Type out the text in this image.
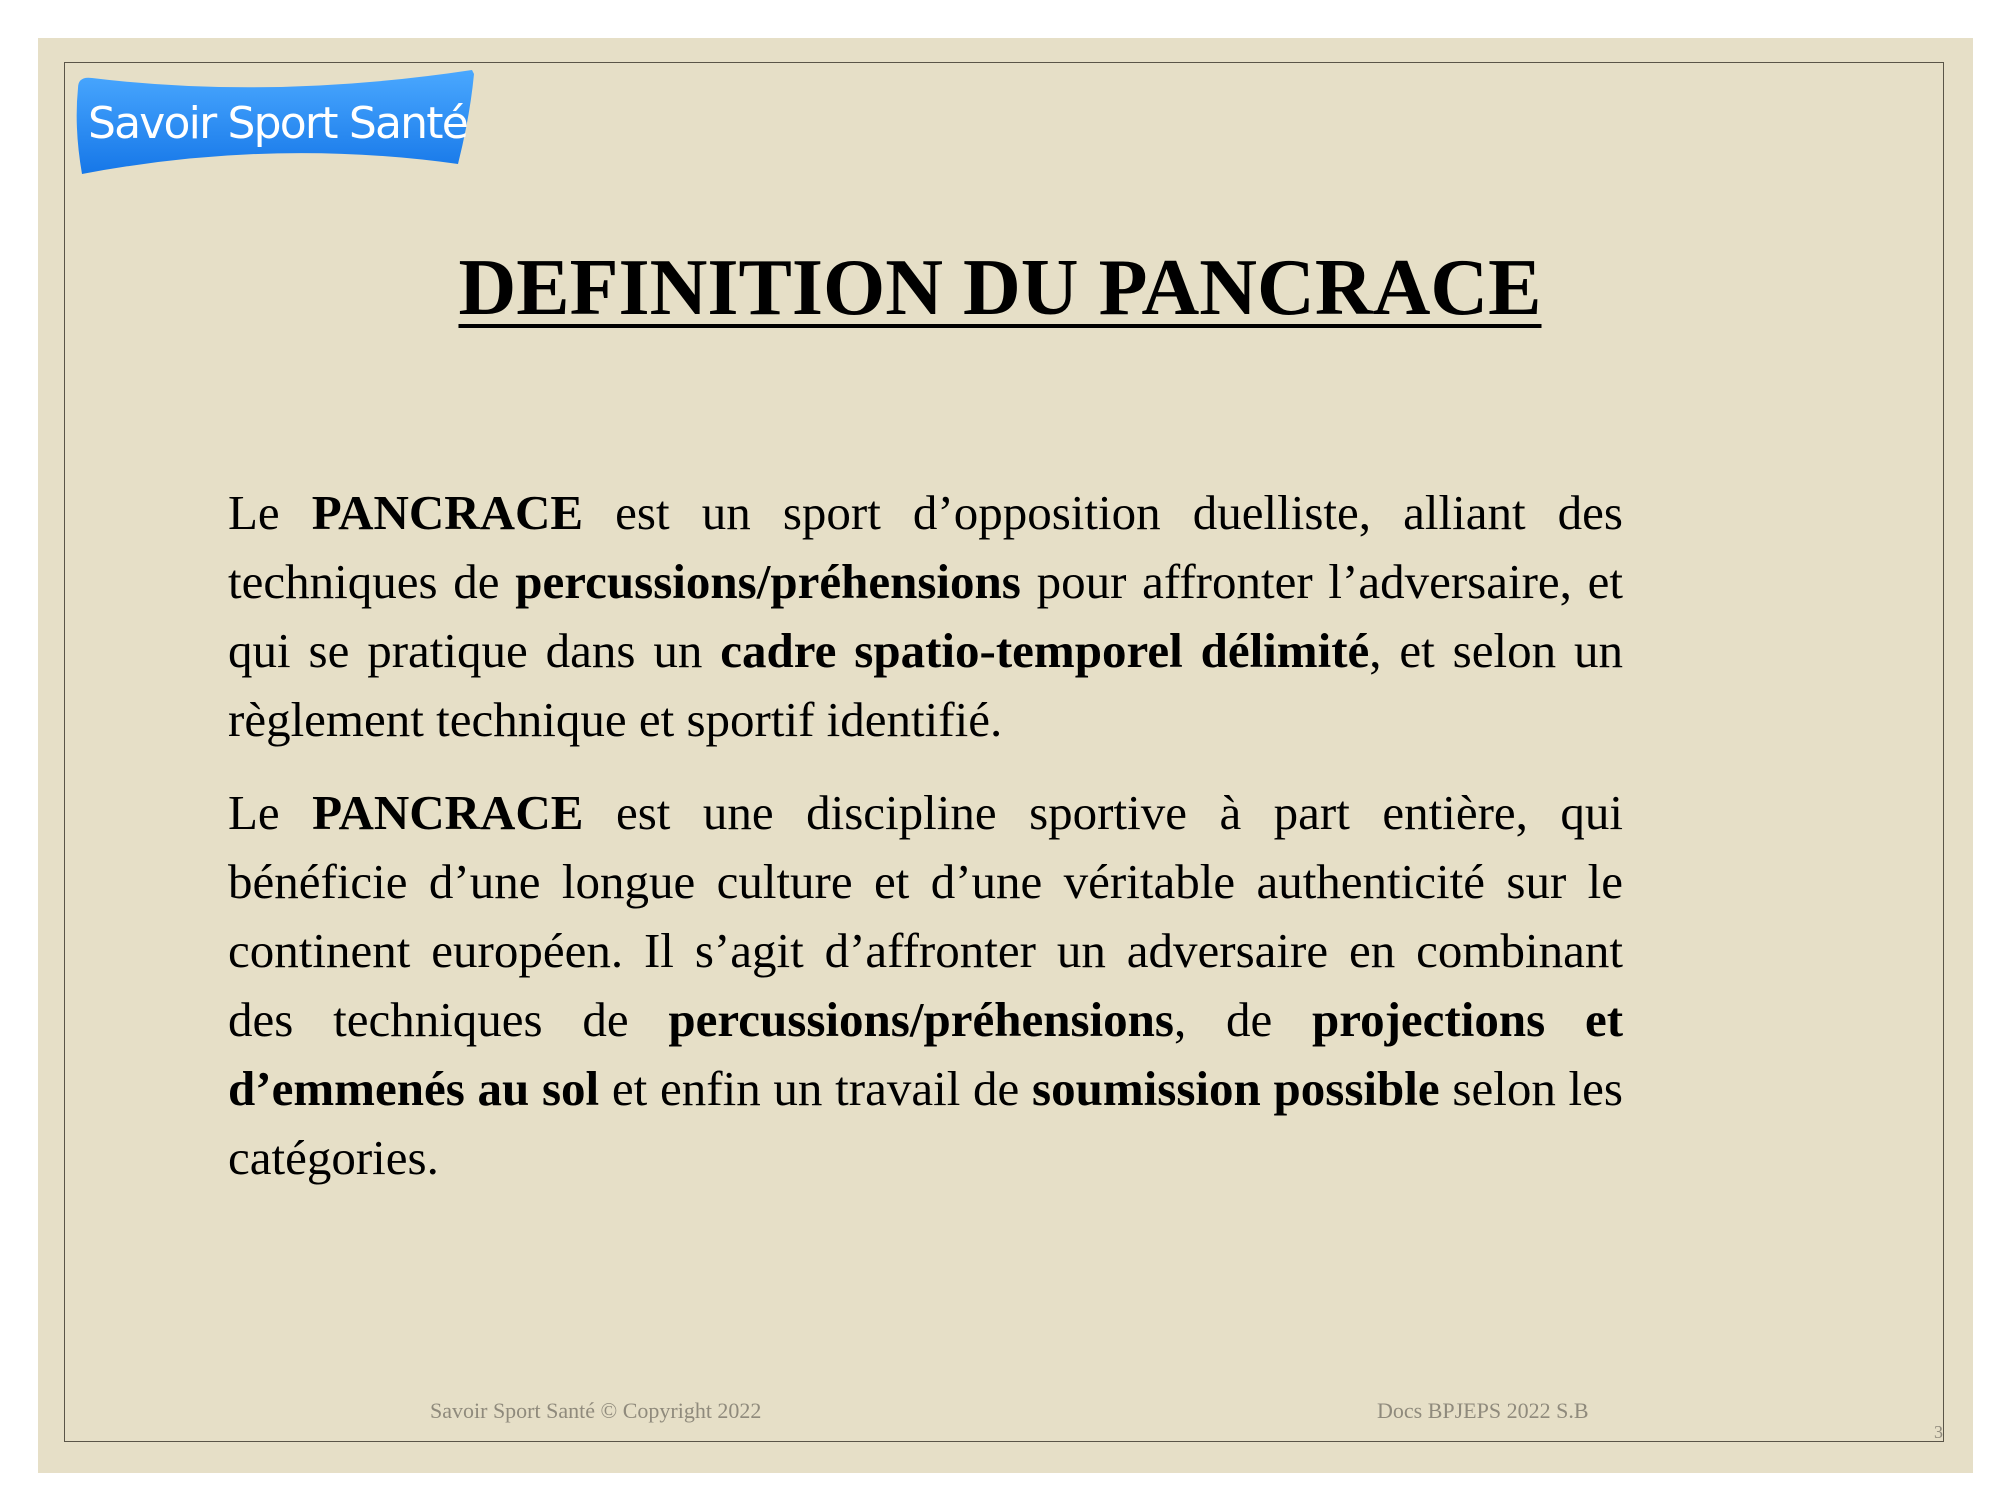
Savoir Sport Santé
DEFINITION DU PANCRACE

Le PANCRACE est un sport d’opposition duelliste, alliant des techniques de percussions/préhensions pour affronter l’adversaire, et qui se pratique dans un cadre spatio-temporel délimité, et selon un règlement technique et sportif identifié.

Le PANCRACE est une discipline sportive à part entière, qui bénéficie d’une longue culture et d’une véritable authenticité sur le continent européen. Il s’agit d’affronter un adversaire en combinant des techniques de percussions/préhensions, de projections et d’emmenés au sol et enfin un travail de soumission possible selon les catégories.

Savoir Sport Santé © Copyright 2022	Docs BPJEPS 2022 S.B
3
